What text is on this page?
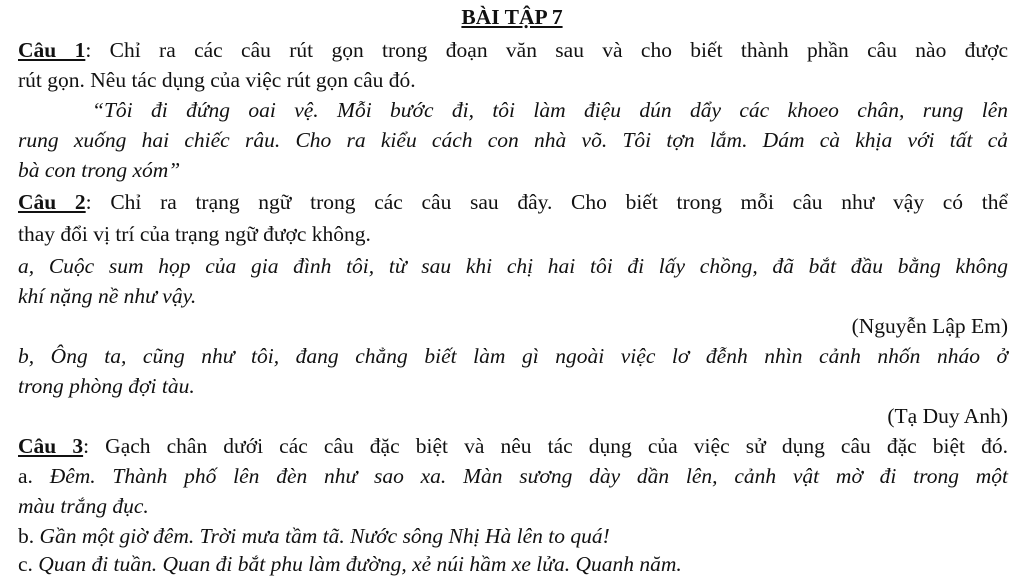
BÀI TẬP 7
Câu 1: Chỉ ra các câu rút gọn trong đoạn văn sau và cho biết thành phần câu nào được
rút gọn. Nêu tác dụng của việc rút gọn câu đó.
“Tôi đi đứng oai vệ. Mỗi bước đi, tôi làm điệu dún dẩy các khoeo chân, rung lên
rung xuống hai chiếc râu. Cho ra kiểu cách con nhà võ. Tôi tợn lắm. Dám cà khịa với tất cả
bà con trong xóm”
Câu 2: Chỉ ra trạng ngữ trong các câu sau đây. Cho biết trong mỗi câu như vậy có thể
thay đổi vị trí của trạng ngữ được không.
a, Cuộc sum họp của gia đình tôi, từ sau khi chị hai tôi đi lấy chồng, đã bắt đầu bằng không
khí nặng nề như vậy.
(Nguyễn Lập Em)
b, Ông ta, cũng như tôi, đang chẳng biết làm gì ngoài việc lơ đễnh nhìn cảnh nhốn nháo ở
trong phòng đợi tàu.
(Tạ Duy Anh)
Câu 3: Gạch chân dưới các câu đặc biệt và nêu tác dụng của việc sử dụng câu đặc biệt đó.
a. Đêm. Thành phố lên đèn như sao xa. Màn sương dày dần lên, cảnh vật mờ đi trong một
màu trắng đục.
b. Gần một giờ đêm. Trời mưa tầm tã. Nước sông Nhị Hà lên to quá!
c. Quan đi tuần. Quan đi bắt phu làm đường, xẻ núi hầm xe lửa. Quanh năm.
